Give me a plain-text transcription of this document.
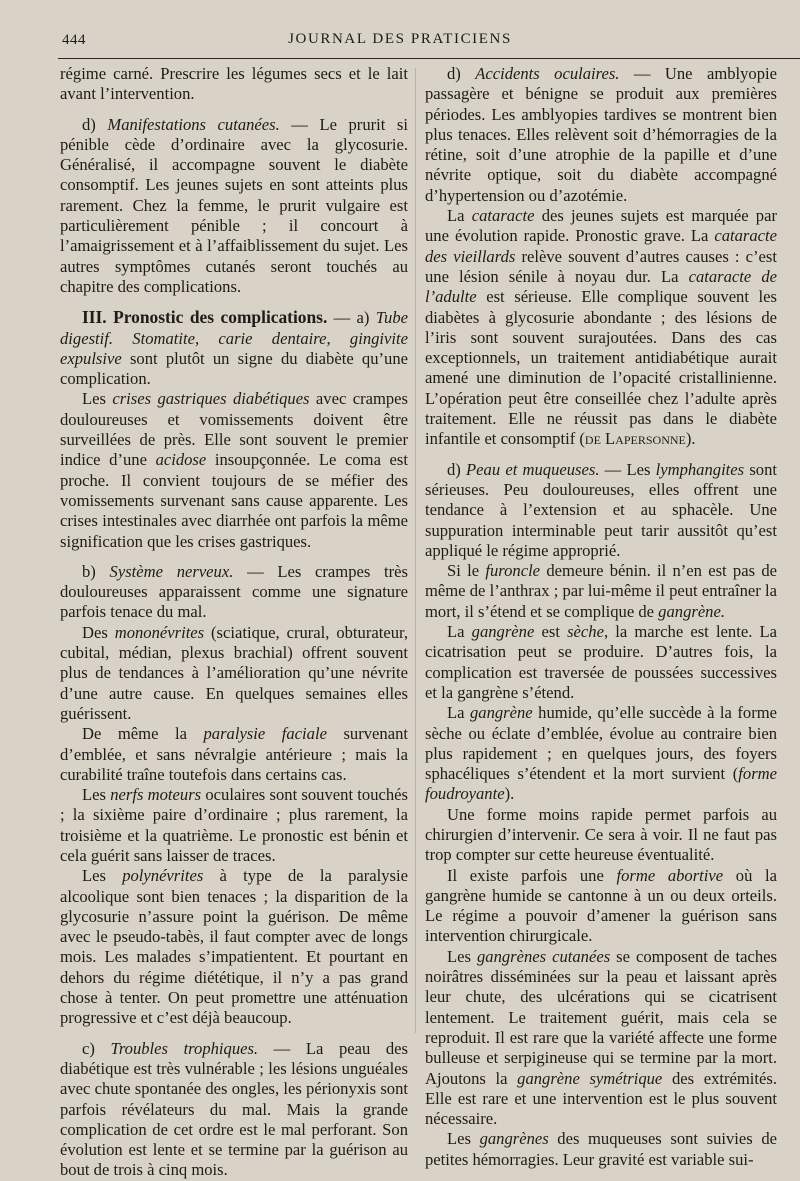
444	JOURNAL DES PRATICIENS

régime carné. Prescrire les légumes secs et le lait avant l’intervention.

d) Manifestations cutanées. — Le prurit si pénible cède d’ordinaire avec la glycosurie. Généralisé, il accompagne souvent le diabète consomptif. Les jeunes sujets en sont atteints plus rarement. Chez la femme, le prurit vulgaire est particulièrement pénible ; il concourt à l’amaigrissement et à l’affaiblissement du sujet. Les autres symptômes cutanés seront touchés au chapitre des complications.

III. Pronostic des complications. — a) Tube digestif. Stomatite, carie dentaire, gingivite expulsive sont plutôt un signe du diabète qu’une complication.

Les crises gastriques diabétiques avec crampes douloureuses et vomissements doivent être surveillées de près. Elle sont souvent le premier indice d’une acidose insoupçonnée. Le coma est proche. Il convient toujours de se méfier des vomissements survenant sans cause apparente. Les crises intestinales avec diarrhée ont parfois la même signification que les crises gastriques.

b) Système nerveux. — Les crampes très douloureuses apparaissent comme une signature parfois tenace du mal.

Des mononévrites (sciatique, crural, obturateur, cubital, médian, plexus brachial) offrent souvent plus de tendances à l’amélioration qu’une névrite d’une autre cause. En quelques semaines elles guérissent.

De même la paralysie faciale survenant d’emblée, et sans névralgie antérieure ; mais la curabilité traîne toutefois dans certains cas.

Les nerfs moteurs oculaires sont souvent touchés ; la sixième paire d’ordinaire ; plus rarement, la troisième et la quatrième. Le pronostic est bénin et cela guérit sans laisser de traces.

Les polynévrites à type de la paralysie alcoolique sont bien tenaces ; la disparition de la glycosurie n’assure point la guérison. De même avec le pseudo-tabès, il faut compter avec de longs mois. Les malades s’impatientent. Et pourtant en dehors du régime diététique, il n’y a pas grand chose à tenter. On peut promettre une atténuation progressive et c’est déjà beaucoup.

c) Troubles trophiques. — La peau des diabétique est très vulnérable ; les lésions unguéales avec chute spontanée des ongles, les périonyxis sont parfois révélateurs du mal. Mais la grande complication de cet ordre est le mal perforant. Son évolution est lente et se termine par la guérison au bout de trois à cinq mois.

d) Accidents oculaires. — Une amblyopie passagère et bénigne se produit aux premières périodes. Les amblyopies tardives se montrent bien plus tenaces. Elles relèvent soit d’hémorragies de la rétine, soit d’une atrophie de la papille et d’une névrite optique, soit du diabète accompagné d’hypertension ou d’azotémie.

La cataracte des jeunes sujets est marquée par une évolution rapide. Pronostic grave. La cataracte des vieillards relève souvent d’autres causes : c’est une lésion sénile à noyau dur. La cataracte de l’adulte est sérieuse. Elle complique souvent les diabètes à glycosurie abondante ; des lésions de l’iris sont souvent surajoutées. Dans des cas exceptionnels, un traitement antidiabétique aurait amené une diminution de l’opacité cristallinienne. L’opération peut être conseillée chez l’adulte après traitement. Elle ne réussit pas dans le diabète infantile et consomptif (de Lapersonne).

d) Peau et muqueuses. — Les lymphangites sont sérieuses. Peu douloureuses, elles offrent une tendance à l’extension et au sphacèle. Une suppuration interminable peut tarir aussitôt qu’est appliqué le régime approprié.

Si le furoncle demeure bénin. il n’en est pas de même de l’anthrax ; par lui-même il peut entraîner la mort, il s’étend et se complique de gangrène.

La gangrène est sèche, la marche est lente. La cicatrisation peut se produire. D’autres fois, la complication est traversée de poussées successives et la gangrène s’étend.

La gangrène humide, qu’elle succède à la forme sèche ou éclate d’emblée, évolue au contraire bien plus rapidement ; en quelques jours, des foyers sphacéliques s’étendent et la mort survient (forme foudroyante).

Une forme moins rapide permet parfois au chirurgien d’intervenir. Ce sera à voir. Il ne faut pas trop compter sur cette heureuse éventualité.

Il existe parfois une forme abortive où la gangrène humide se cantonne à un ou deux orteils. Le régime a pouvoir d’amener la guérison sans intervention chirurgicale.

Les gangrènes cutanées se composent de taches noirâtres disséminées sur la peau et laissant après leur chute, des ulcérations qui se cicatrisent lentement. Le traitement guérit, mais cela se reproduit. Il est rare que la variété affecte une forme bulleuse et serpigineuse qui se termine par la mort. Ajoutons la gangrène symétrique des extrémités. Elle est rare et une intervention est le plus souvent nécessaire.

Les gangrènes des muqueuses sont suivies de petites hémorragies. Leur gravité est variable sui-
